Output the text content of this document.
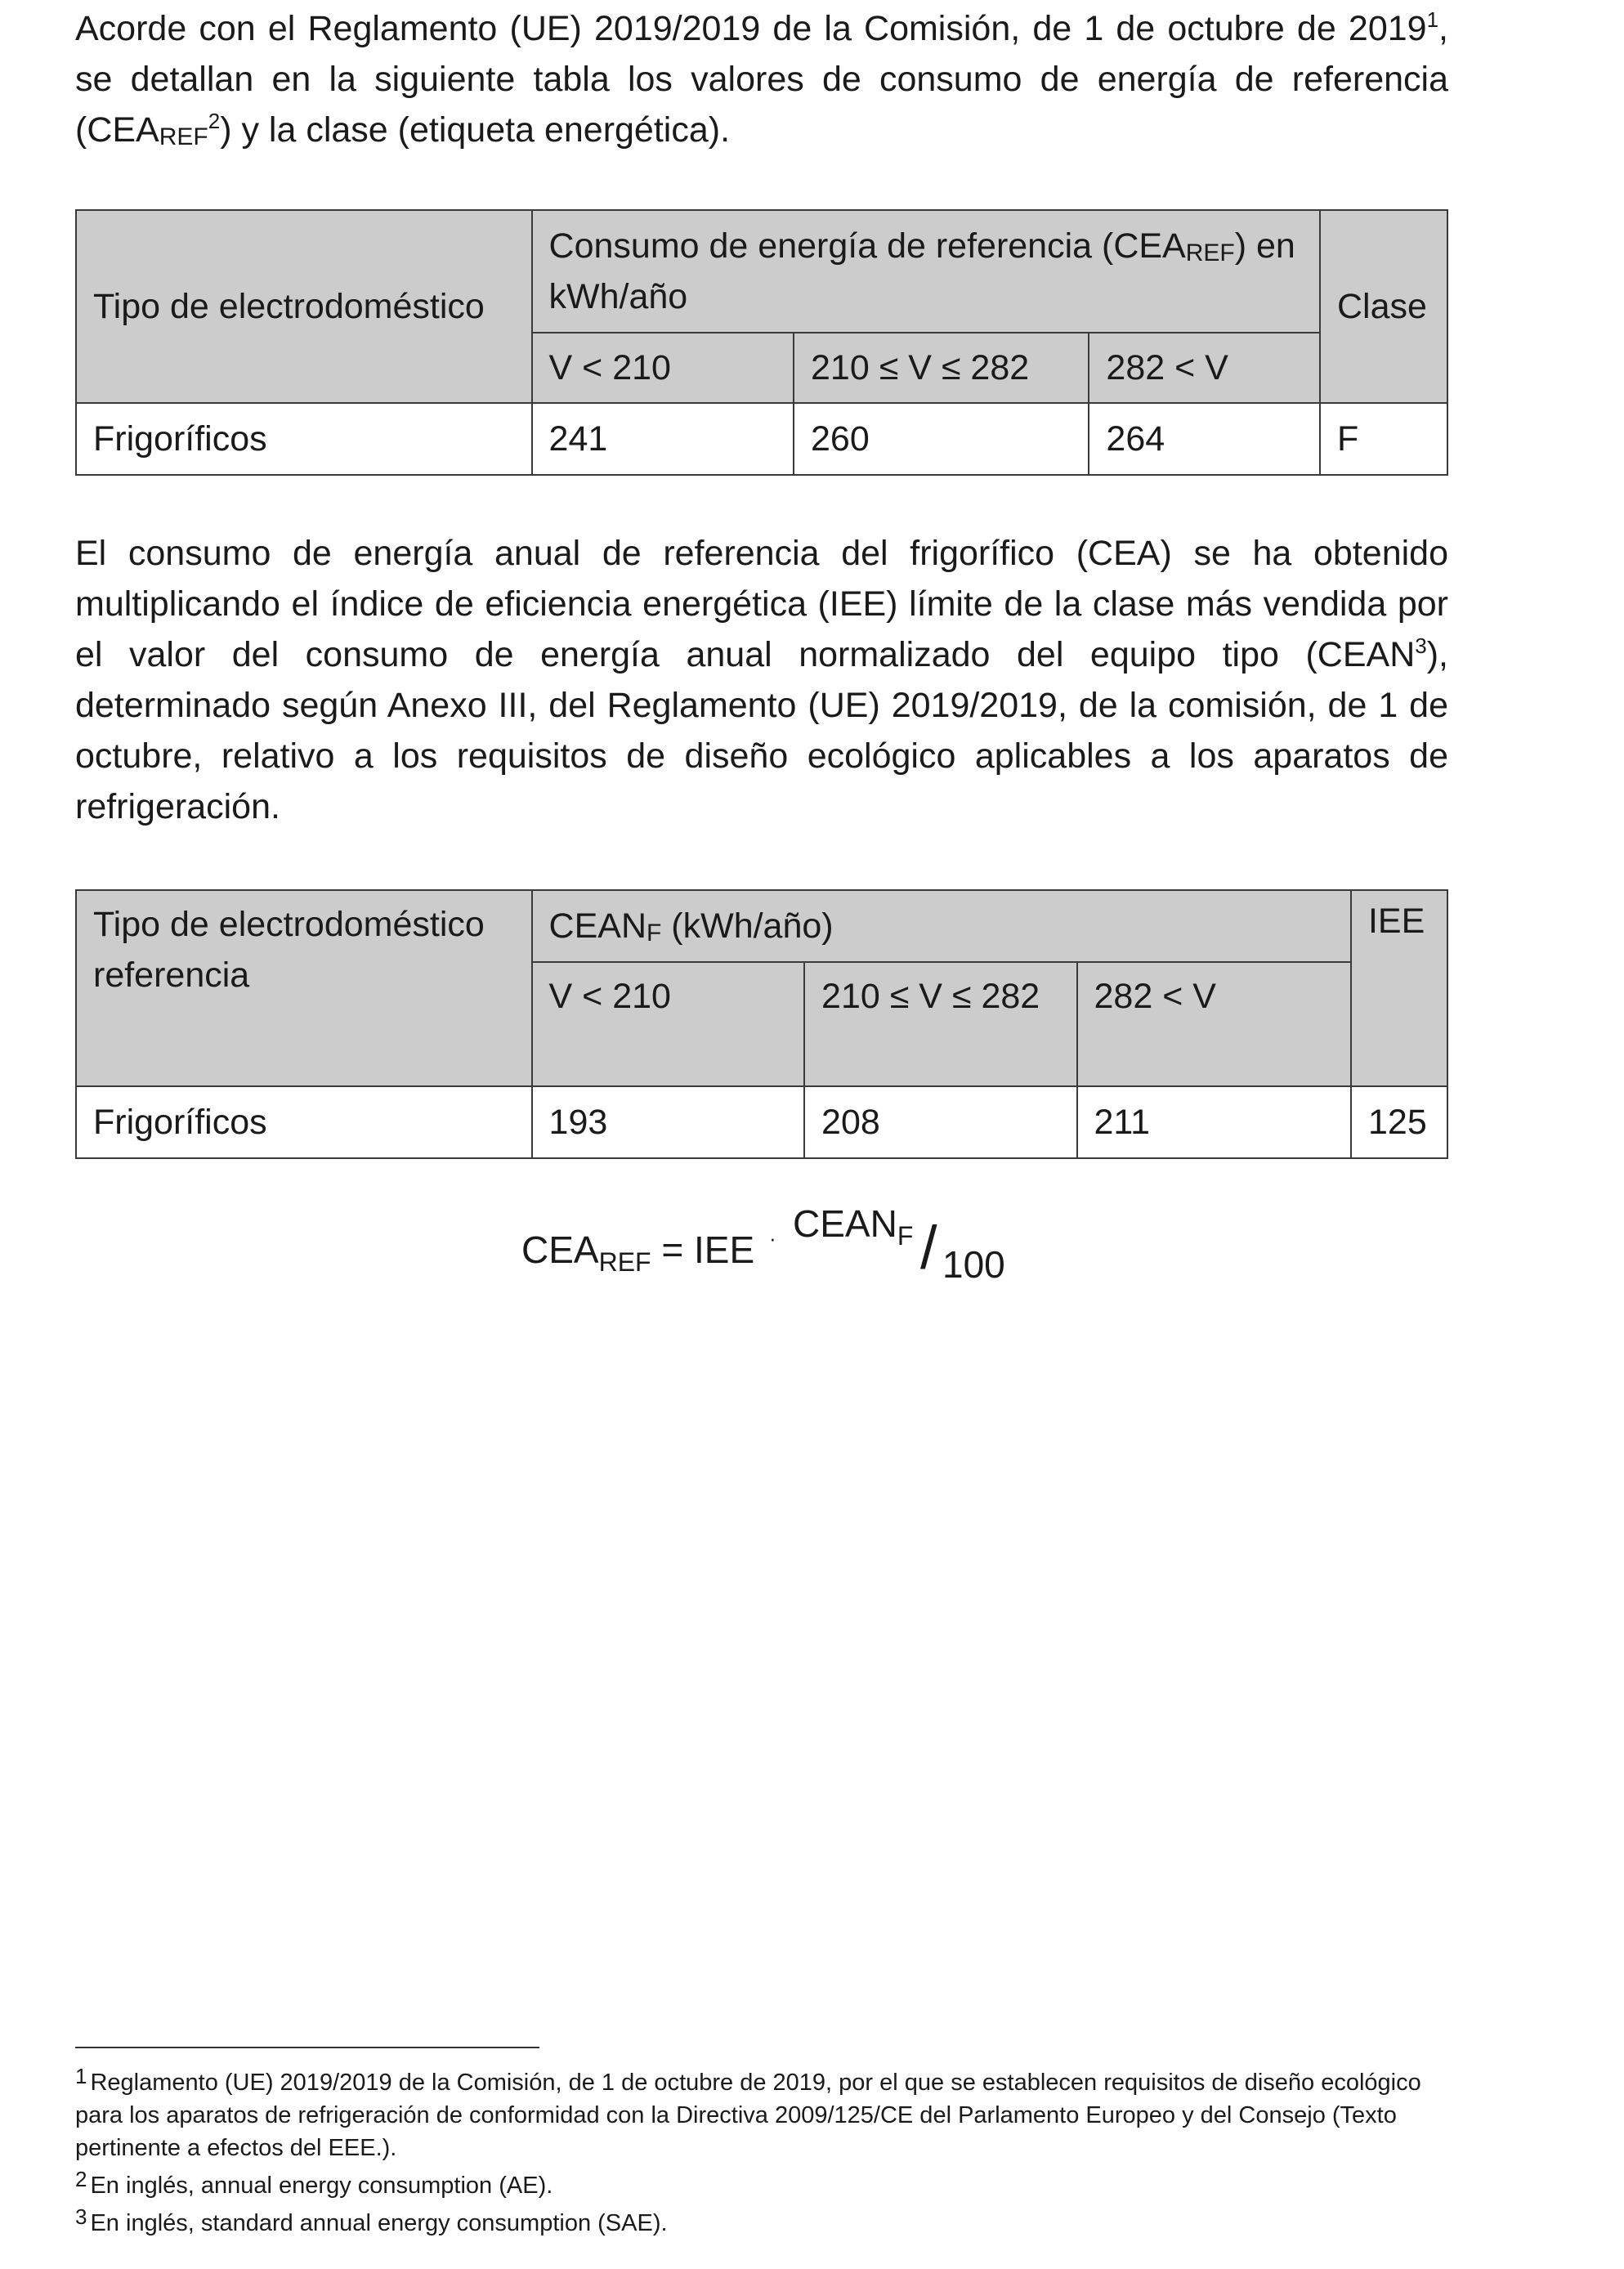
Acorde con el Reglamento (UE) 2019/2019 de la Comisión, de 1 de octubre de 2019$^1$, se detallan en la siguiente tabla los valores de consumo de energía de referencia $(CEA_{REF}^2)$ y la clase (etiqueta energética).

Tipo de electrodoméstico	Consumo de energía de referencia $(CEA_{REF})$ en kWh/año			Clase
	V < 210	210 ≤ V ≤ 282	282 < V	
Frigoríficos	241	260	264	F

El consumo de energía anual de referencia del frigorífico (CEA) se ha obtenido multiplicando el índice de eficiencia energética (IEE) límite de la clase más vendida por el valor del consumo de energía anual normalizado del equipo tipo (CEAN$^3$), determinado según Anexo III, del Reglamento (UE) 2019/2019, de la comisión, de 1 de octubre, relativo a los requisitos de diseño ecológico aplicables a los aparatos de refrigeración.

Tipo de electrodoméstico referencia	$CEAN_F$ (kWh/año)			IEE
	V < 210	210 ≤ V ≤ 282	282 < V	
Frigoríficos	193	208	211	125
$CEA_{REF}$ = IEE · $CEAN_F / 100$

$^1$ Reglamento (UE) 2019/2019 de la Comisión, de 1 de octubre de 2019, por el que se establecen requisitos de diseño ecológico para los aparatos de refrigeración de conformidad con la Directiva 2009/125/CE del Parlamento Europeo y del Consejo (Texto pertinente a efectos del EEE.).

$^2$ En inglés, annual energy consumption (AE).

$^3$ En inglés, standard annual energy consumption (SAE).
